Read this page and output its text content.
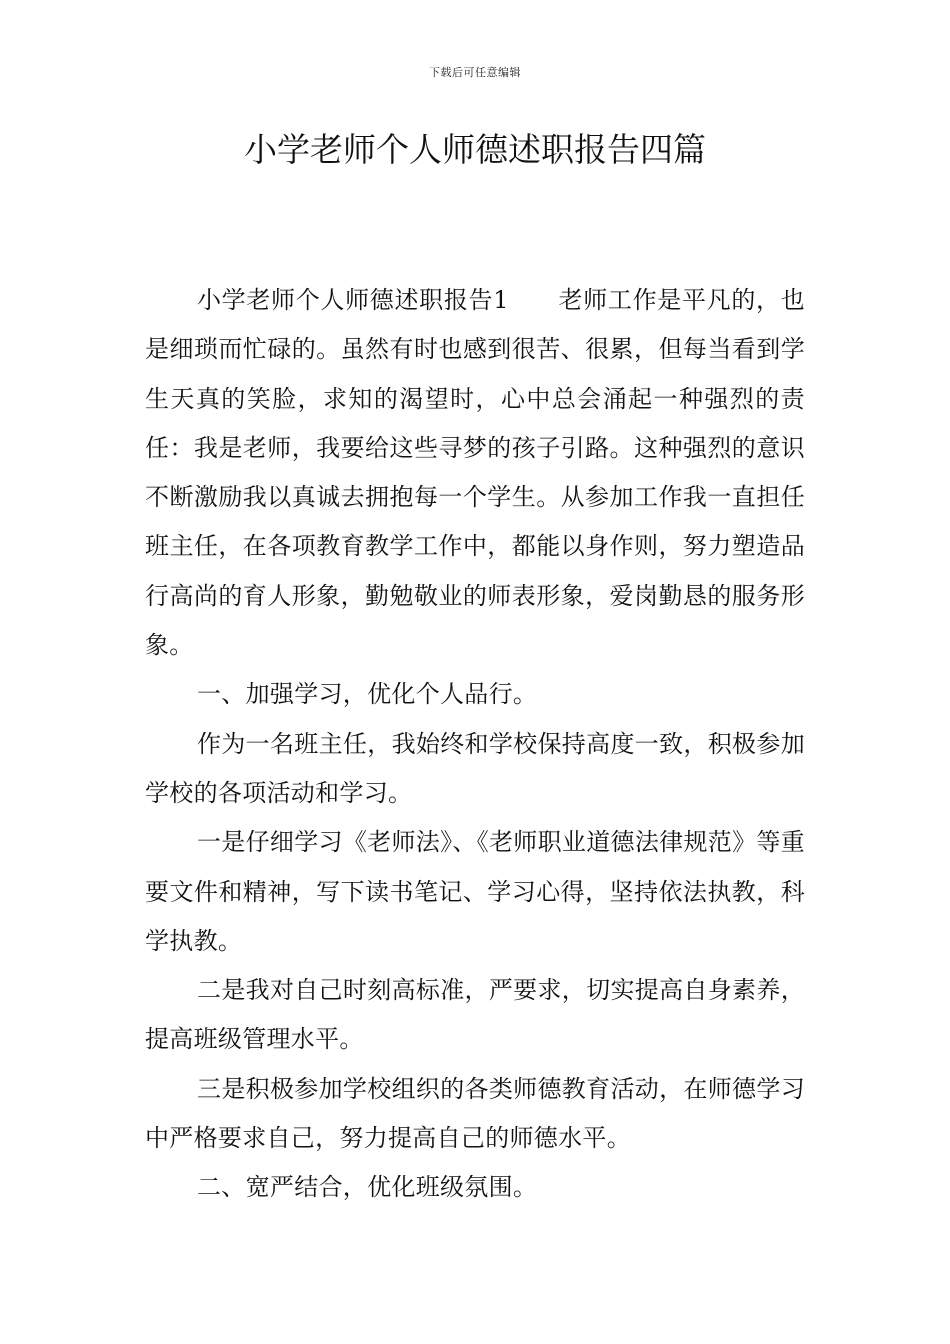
下载后可任意编辑
小学老师个人师德述职报告四篇

小学老师个人师德述职报告1　　老师工作是平凡的，也是细琐而忙碌的。虽然有时也感到很苦、很累，但每当看到学生天真的笑脸，求知的渴望时，心中总会涌起一种强烈的责任：我是老师，我要给这些寻梦的孩子引路。这种强烈的意识不断激励我以真诚去拥抱每一个学生。从参加工作我一直担任班主任，在各项教育教学工作中，都能以身作则，努力塑造品行高尚的育人形象，勤勉敬业的师表形象，爱岗勤恳的服务形象。

一、加强学习，优化个人品行。

作为一名班主任，我始终和学校保持高度一致，积极参加学校的各项活动和学习。

一是仔细学习《老师法》、《老师职业道德法律规范》等重要文件和精神，写下读书笔记、学习心得，坚持依法执教，科学执教。

二是我对自己时刻高标准，严要求，切实提高自身素养，提高班级管理水平。

三是积极参加学校组织的各类师德教育活动，在师德学习中严格要求自己，努力提高自己的师德水平。

二、宽严结合，优化班级氛围。
